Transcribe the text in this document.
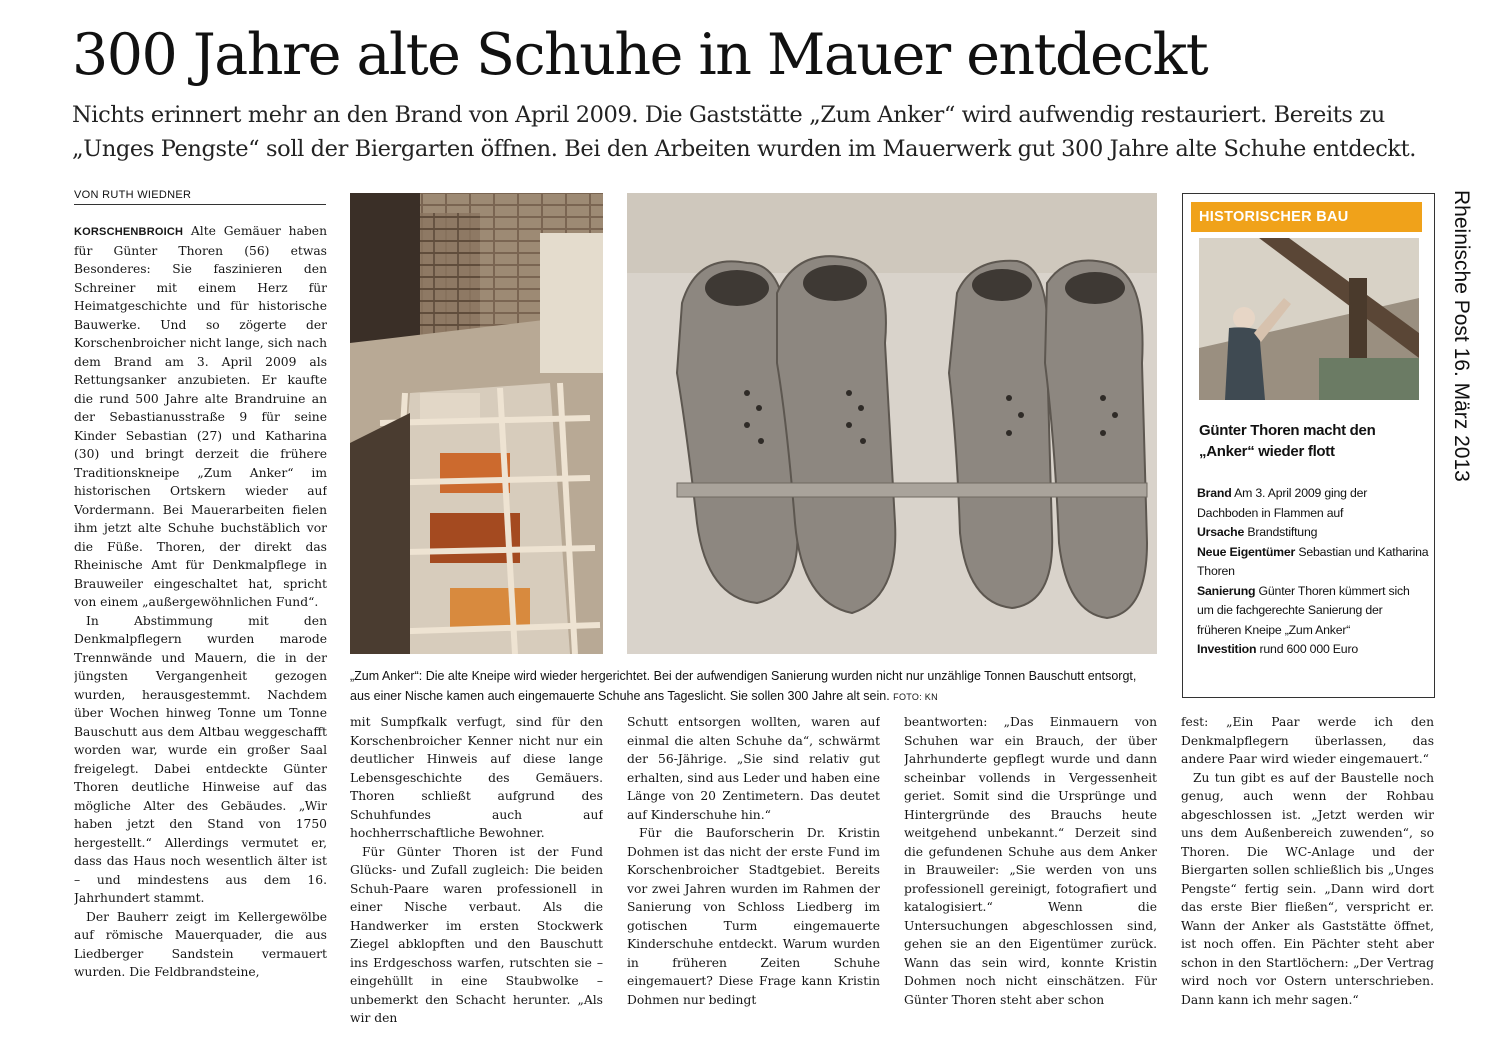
300 Jahre alte Schuhe in Mauer entdeckt
Nichts erinnert mehr an den Brand von April 2009. Die Gaststätte „Zum Anker“ wird aufwendig restauriert. Bereits zu „Unges Pengste“ soll der Biergarten öffnen. Bei den Arbeiten wurden im Mauerwerk gut 300 Jahre alte Schuhe entdeckt.
VON RUTH WIEDNER

KORSCHENBROICH Alte Gemäuer haben für Günter Thoren (56) etwas Besonderes: Sie faszinieren den Schreiner mit einem Herz für Heimatgeschichte und für historische Bauwerke. Und so zögerte der Korschenbroicher nicht lange, sich nach dem Brand am 3. April 2009 als Rettungsanker anzubieten. Er kaufte die rund 500 Jahre alte Brandruine an der Sebastianusstraße 9 für seine Kinder Sebastian (27) und Katharina (30) und bringt derzeit die frühere Traditionskneipe „Zum Anker“ im historischen Ortskern wieder auf Vordermann. Bei Mauerarbeiten fielen ihm jetzt alte Schuhe buchstäblich vor die Füße. Thoren, der direkt das Rheinische Amt für Denkmalpflege in Brauweiler eingeschaltet hat, spricht von einem „außergewöhnlichen Fund“.

In Abstimmung mit den Denkmalpflegern wurden marode Trennwände und Mauern, die in der jüngsten Vergangenheit gezogen wurden, herausgestemmt. Nachdem über Wochen hinweg Tonne um Tonne Bauschutt aus dem Altbau weggeschafft worden war, wurde ein großer Saal freigelegt. Dabei entdeckte Günter Thoren deutliche Hinweise auf das mögliche Alter des Gebäudes. „Wir haben jetzt den Stand von 1750 hergestellt.“ Allerdings vermutet er, dass das Haus noch wesentlich älter ist – und mindestens aus dem 16. Jahrhundert stammt.

Der Bauherr zeigt im Kellergewölbe auf römische Mauerquader, die aus Liedberger Sandstein vermauert wurden. Die Feldbrandsteine,

„Zum Anker“: Die alte Kneipe wird wieder hergerichtet. Bei der aufwendigen Sanierung wurden nicht nur unzählige Tonnen Bauschutt entsorgt, aus einer Nische kamen auch eingemauerte Schuhe ans Tageslicht. Sie sollen 300 Jahre alt sein. FOTO: KN
HISTORISCHER BAU
Günter Thoren macht den „Anker“ wieder flott
Brand Am 3. April 2009 ging der Dachboden in Flammen auf
Ursache Brandstiftung
Neue Eigentümer Sebastian und Katharina Thoren
Sanierung Günter Thoren kümmert sich um die fachgerechte Sanierung der früheren Kneipe „Zum Anker“
Investition rund 600 000 Euro

mit Sumpfkalk verfugt, sind für den Korschenbroicher Kenner nicht nur ein deutlicher Hinweis auf diese lange Lebensgeschichte des Gemäuers. Thoren schließt aufgrund des Schuhfundes auch auf hochherrschaftliche Bewohner.

Für Günter Thoren ist der Fund Glücks- und Zufall zugleich: Die beiden Schuh-Paare waren professionell in einer Nische verbaut. Als die Handwerker im ersten Stockwerk Ziegel abklopften und den Bauschutt ins Erdgeschoss warfen, rutschten sie – eingehüllt in eine Staubwolke – unbemerkt den Schacht herunter. „Als wir den

Schutt entsorgen wollten, waren auf einmal die alten Schuhe da“, schwärmt der 56-Jährige. „Sie sind relativ gut erhalten, sind aus Leder und haben eine Länge von 20 Zentimetern. Das deutet auf Kinderschuhe hin.“

Für die Bauforscherin Dr. Kristin Dohmen ist das nicht der erste Fund im Korschenbroicher Stadtgebiet. Bereits vor zwei Jahren wurden im Rahmen der Sanierung von Schloss Liedberg im gotischen Turm eingemauerte Kinderschuhe entdeckt. Warum wurden in früheren Zeiten Schuhe eingemauert? Diese Frage kann Kristin Dohmen nur bedingt

beantworten: „Das Einmauern von Schuhen war ein Brauch, der über Jahrhunderte gepflegt wurde und dann scheinbar vollends in Vergessenheit geriet. Somit sind die Ursprünge und Hintergründe des Brauchs heute weitgehend unbekannt.“ Derzeit sind die gefundenen Schuhe aus dem Anker in Brauweiler: „Sie werden von uns professionell gereinigt, fotografiert und katalogisiert.“ Wenn die Untersuchungen abgeschlossen sind, gehen sie an den Eigentümer zurück. Wann das sein wird, konnte Kristin Dohmen noch nicht einschätzen. Für Günter Thoren steht aber schon

fest: „Ein Paar werde ich den Denkmalpflegern überlassen, das andere Paar wird wieder eingemauert.“

Zu tun gibt es auf der Baustelle noch genug, auch wenn der Rohbau abgeschlossen ist. „Jetzt werden wir uns dem Außenbereich zuwenden“, so Thoren. Die WC-Anlage und der Biergarten sollen schließlich bis „Unges Pengste“ fertig sein. „Dann wird dort das erste Bier fließen“, verspricht er. Wann der Anker als Gaststätte öffnet, ist noch offen. Ein Pächter steht aber schon in den Startlöchern: „Der Vertrag wird noch vor Ostern unterschrieben. Dann kann ich mehr sagen.“

Rheinische Post 16. März 2013
